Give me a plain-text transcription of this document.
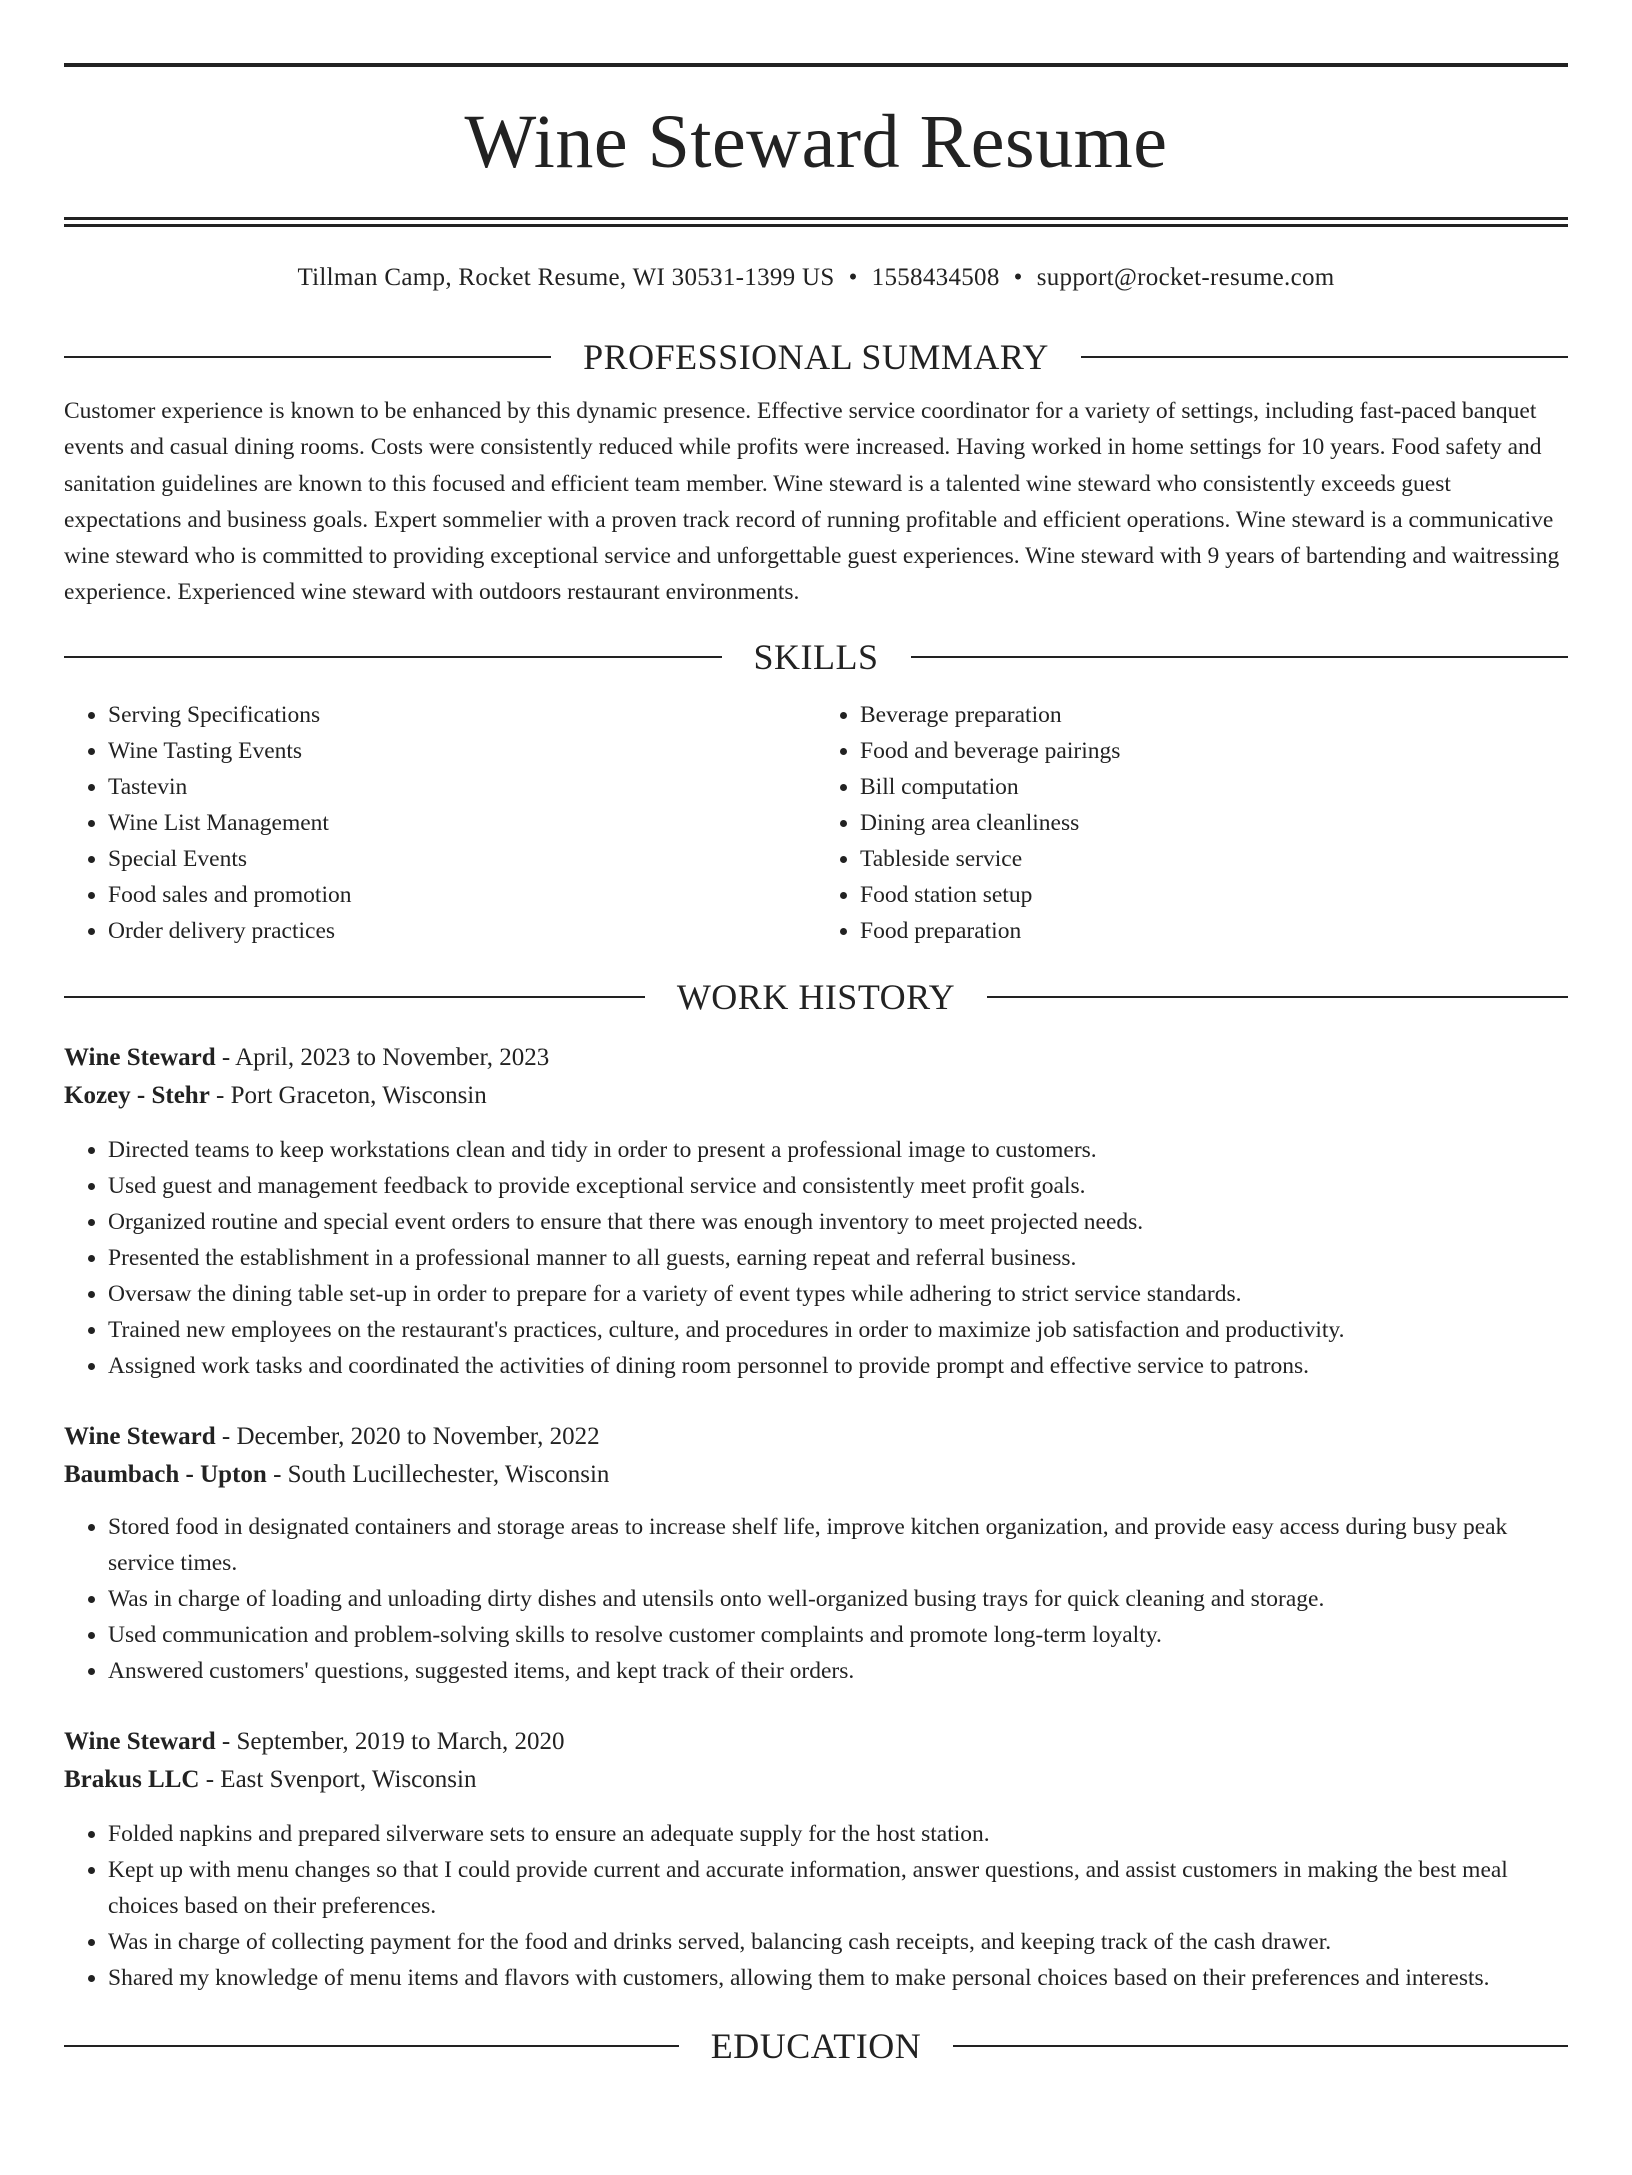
Wine Steward Resume
Tillman Camp, Rocket Resume, WI 30531-1399 US • 1558434508 • support@rocket-resume.com
PROFESSIONAL SUMMARY
Customer experience is known to be enhanced by this dynamic presence. Effective service coordinator for a variety of settings, including fast-paced banquet events and casual dining rooms. Costs were consistently reduced while profits were increased. Having worked in home settings for 10 years. Food safety and sanitation guidelines are known to this focused and efficient team member. Wine steward is a talented wine steward who consistently exceeds guest expectations and business goals. Expert sommelier with a proven track record of running profitable and efficient operations. Wine steward is a communicative wine steward who is committed to providing exceptional service and unforgettable guest experiences. Wine steward with 9 years of bartending and waitressing experience. Experienced wine steward with outdoors restaurant environments.
SKILLS
• Serving Specifications
• Wine Tasting Events
• Tastevin
• Wine List Management
• Special Events
• Food sales and promotion
• Order delivery practices
• Beverage preparation
• Food and beverage pairings
• Bill computation
• Dining area cleanliness
• Tableside service
• Food station setup
• Food preparation
WORK HISTORY
Wine Steward - April, 2023 to November, 2023
Kozey - Stehr - Port Graceton, Wisconsin
• Directed teams to keep workstations clean and tidy in order to present a professional image to customers.
• Used guest and management feedback to provide exceptional service and consistently meet profit goals.
• Organized routine and special event orders to ensure that there was enough inventory to meet projected needs.
• Presented the establishment in a professional manner to all guests, earning repeat and referral business.
• Oversaw the dining table set-up in order to prepare for a variety of event types while adhering to strict service standards.
• Trained new employees on the restaurant's practices, culture, and procedures in order to maximize job satisfaction and productivity.
• Assigned work tasks and coordinated the activities of dining room personnel to provide prompt and effective service to patrons.
Wine Steward - December, 2020 to November, 2022
Baumbach - Upton - South Lucillechester, Wisconsin
• Stored food in designated containers and storage areas to increase shelf life, improve kitchen organization, and provide easy access during busy peak service times.
• Was in charge of loading and unloading dirty dishes and utensils onto well-organized busing trays for quick cleaning and storage.
• Used communication and problem-solving skills to resolve customer complaints and promote long-term loyalty.
• Answered customers' questions, suggested items, and kept track of their orders.
Wine Steward - September, 2019 to March, 2020
Brakus LLC - East Svenport, Wisconsin
• Folded napkins and prepared silverware sets to ensure an adequate supply for the host station.
• Kept up with menu changes so that I could provide current and accurate information, answer questions, and assist customers in making the best meal choices based on their preferences.
• Was in charge of collecting payment for the food and drinks served, balancing cash receipts, and keeping track of the cash drawer.
• Shared my knowledge of menu items and flavors with customers, allowing them to make personal choices based on their preferences and interests.
EDUCATION
